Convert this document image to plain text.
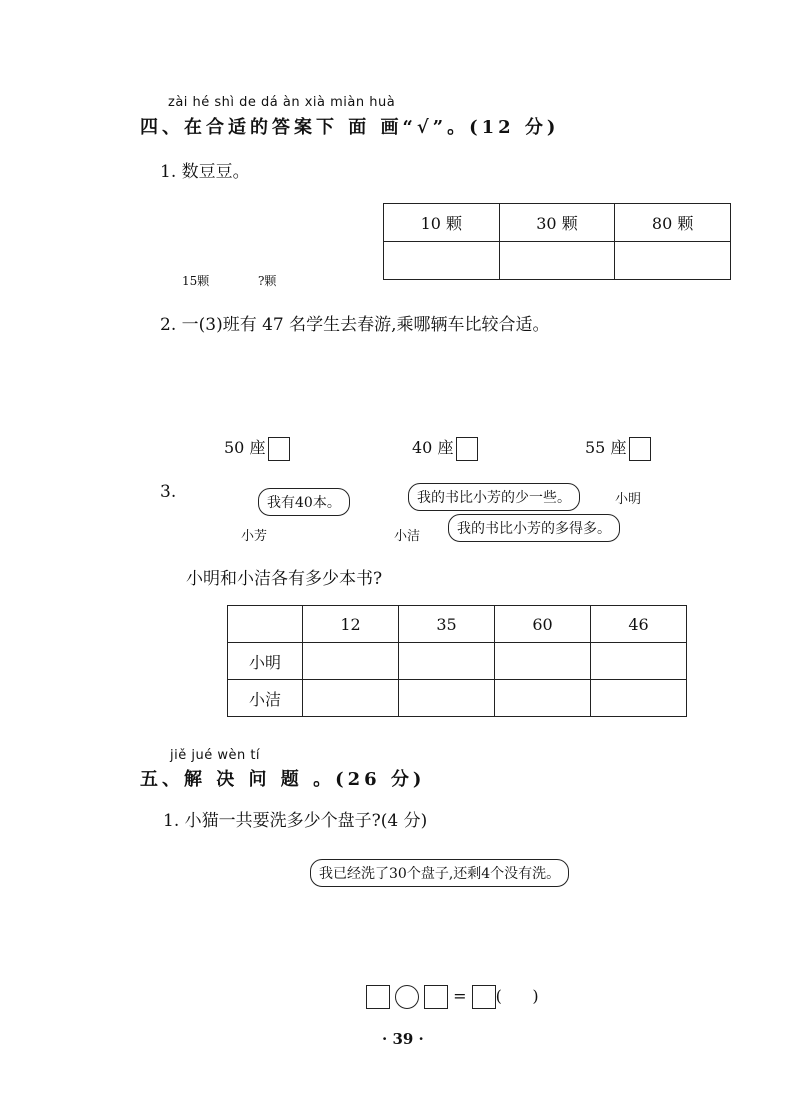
zài hé shì de dá àn xià miàn huà
四、在合适的答案下 面 画“√”。(12 分)
1. 数豆豆。
15颗	?颗
10 颗	30 颗	80 颗

2. 一(3)班有 47 名学生去春游,乘哪辆车比较合适。
50 座	40 座	55 座
3.
我有40本。
小芳
我的书比小芳的少一些。
小洁
小明
我的书比小芳的多得多。
小明和小洁各有多少本书?
	12	35	60	46
小明				
小洁				
jiě jué wèn tí
五、解 决 问 题 。(26 分)
1. 小猫一共要洗多少个盘子?(4 分)
我已经洗了30个盘子,还剩4个没有洗。
= (      )
· 39 ·
